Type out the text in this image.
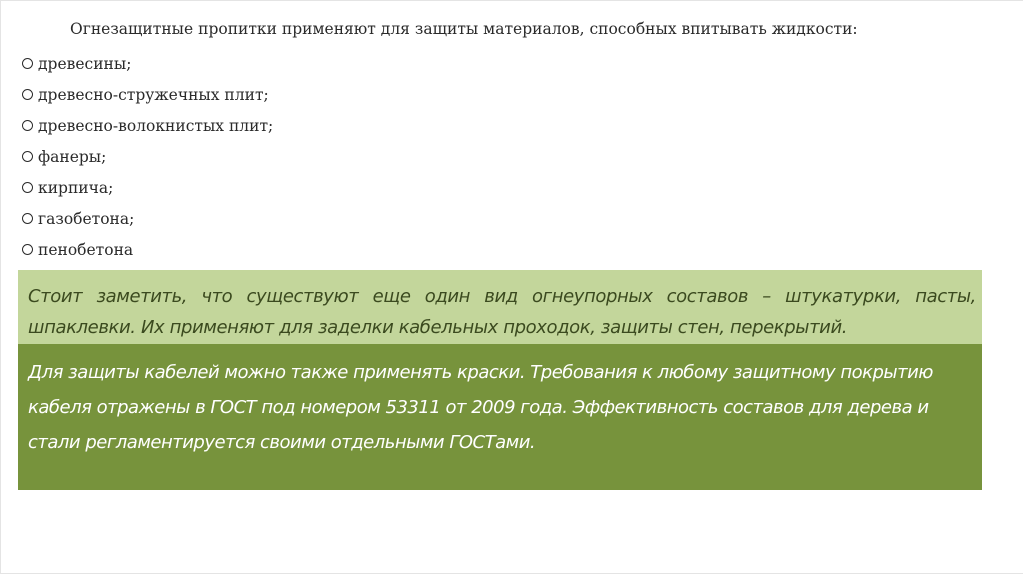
Огнезащитные пропитки применяют для защиты материалов, способных впитывать жидкости:
древесины;
древесно-стружечных плит;
древесно-волокнистых плит;
фанеры;
кирпича;
газобетона;
пенобетона

Стоит заметить, что существуют еще один вид огнеупорных составов – штукатурки, пасты, шпаклевки. Их применяют для заделки кабельных проходок, защиты стен, перекрытий.

Для защиты кабелей можно также применять краски. Требования к любому защитному покрытию кабеля отражены в ГОСТ под номером 53311 от 2009 года. Эффективность составов для дерева и стали регламентируется своими отдельными ГОСТами.
